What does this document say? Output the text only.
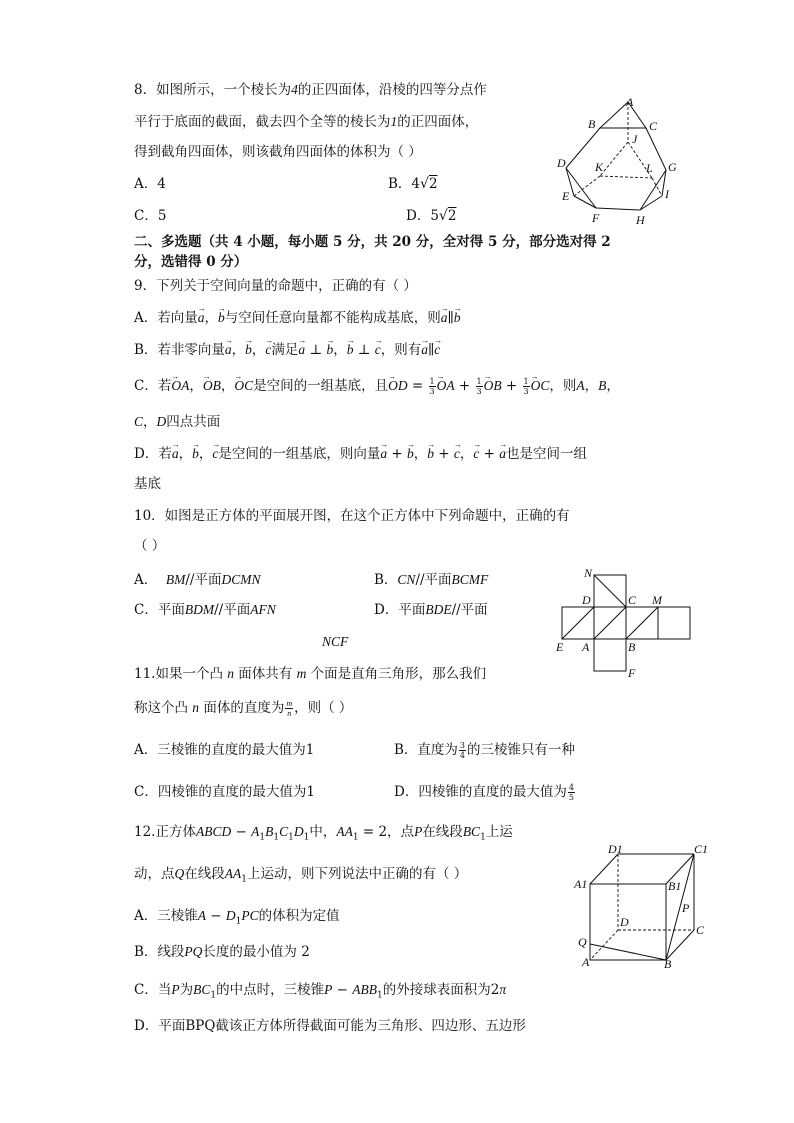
8．如图所示，一个棱长为4的正四面体，沿棱的四等分点作
平行于底面的截面，截去四个全等的棱长为1的正四面体，
得到截角四面体，则该截角四面体的体积为（ ）
A．4	B．4√2
C．5	D．5√2
A
B	C
J
D K	L G
E	I
F	H
二、多选题（共 4 小题，每小题 5 分，共 20 分，全对得 5 分，部分选对得 2
分，选错得 0 分）
9．下列关于空间向量的命题中，正确的有（ ）
A．若向量→ a，→ b与空间任意向量都不能构成基底，则→ a∥→ b
B．若非零向量→ a，→ b，→ c满足→ a ⊥ → b，→ b ⊥ → c，则有→ a∥→ c
C．若→ OA，→ OB，→ OC是空间的一组基底，且→ OD = $\frac{1}{3}$ → OA + $\frac{1}{3}$ → OB + $\frac{1}{3}$ → OC，则A，B，
C，D四点共面
D．若→ a，→ b，→ c是空间的一组基底，则向量→ a + → b，→ b + → c，→ c + → a也是空间一组
基底
10．如图是正方体的平面展开图，在这个正方体中下列命题中，正确的有
（ ）
A．  BM//平面DCMN	B．CN//平面BCMF
C．平面BDM//平面AFN	D．平面BDE//平面
NCF
N
D	C M
E A	B
F
11.如果一个凸 n 面体共有 m 个面是直角三角形，那么我们
称这个凸 n 面体的直度为 $\frac{m}{n}$ ，则（ ）
A．三棱锥的直度的最大值为1	B．直度为 $\frac{3}{4}$ 的三棱锥只有一种
C．四棱锥的直度的最大值为1	D．四棱锥的直度的最大值为 $\frac{4}{5}$
12.正方体ABCD − $A_1B_1C_1D_1$中，$AA_1 = 2$，点P在线段$BC_1$上运
动，点Q在线段$AA_1$上运动，则下列说法中正确的有（ ）
A．三棱锥$A - D_1PC$的体积为定值
B．线段PQ长度的最小值为 2
C．当P为$BC_1$的中点时，三棱锥$P - ABB_1$的外接球表面积为2π
D．平面BPQ截该正方体所得截面可能为三角形、四边形、五边形
D1	C1
A1	B1
P
D
C
Q
A	B
